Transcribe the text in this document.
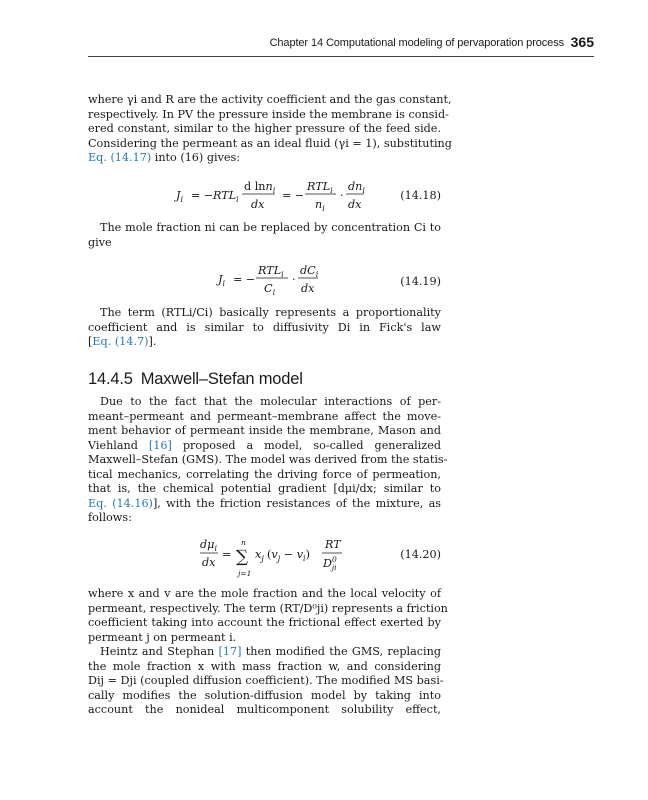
Chapter 14 Computational modeling of pervaporation process 365
where γi and R are the activity coefficient and the gas constant,
respectively. In PV the pressure inside the membrane is consid-
ered constant, similar to the higher pressure of the feed side.
Considering the permeant as an ideal fluid (γi = 1), substituting
Eq. (14.17) into (16) gives:
$J_i$ = − $RTL_i$
d lnn$_i$
dx
= −
$RTL_i$
$n_i$
·
$dn_i$
dx
(14.18)
The mole fraction ni can be replaced by concentration Ci to
give
$J_i$ = −
$RTL_i$
$C_i$
·
$dC_i$
dx
(14.19)
The term (RTLi/Ci) basically represents a proportionality
coefficient and is similar to diffusivity Di in Fick's law
[Eq. (14.7)].
14.4.5 Maxwell–Stefan model
Due to the fact that the molecular interactions of per-
meant–permeant and permeant–membrane affect the move-
ment behavior of permeant inside the membrane, Mason and
Viehland [16] proposed a model, so-called generalized
Maxwell–Stefan (GMS). The model was derived from the statis-
tical mechanics, correlating the driving force of permeation,
that is, the chemical potential gradient [dμi/dx; similar to
Eq. (14.16)], with the friction resistances of the mixture, as
follows:
$d\mu_i$
dx
=
n
∑
j=1
$x_j$ $(v_j - v_i)$
RT
$D^0$ ji
(14.20)
where x and v are the mole fraction and the local velocity of
permeant, respectively. The term (RT/D⁰ji) represents a friction
coefficient taking into account the frictional effect exerted by
permeant j on permeant i.
Heintz and Stephan [17] then modified the GMS, replacing
the mole fraction x with mass fraction w, and considering
Dij = Dji (coupled diffusion coefficient). The modified MS basi-
cally modifies the solution-diffusion model by taking into
account the nonideal multicomponent solubility effect,
